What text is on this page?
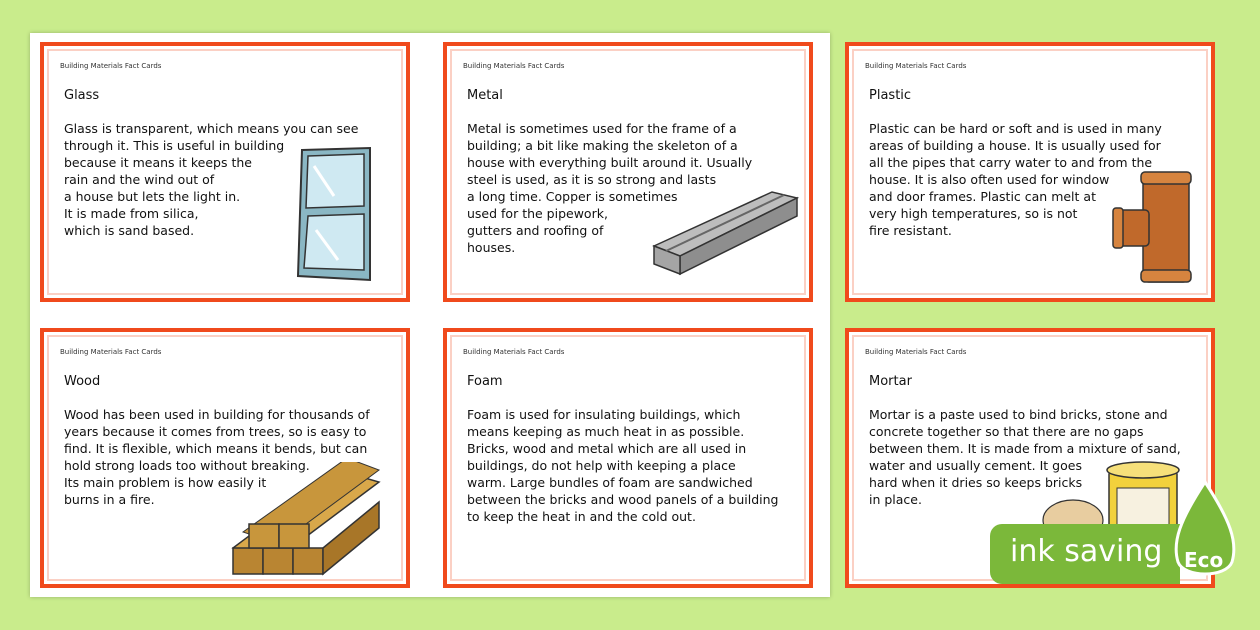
Building Materials Fact Cards
Glass
Glass is transparent, which means you can see
through it. This is useful in building
because it means it keeps the
rain and the wind out of
a house but lets the light in.
It is made from silica,
which is sand based.
Building Materials Fact Cards
Metal
Metal is sometimes used for the frame of a
building; a bit like making the skeleton of a
house with everything built around it. Usually
steel is used, as it is so strong and lasts
a long time. Copper is sometimes
used for the pipework,
gutters and roofing of
houses.
Building Materials Fact Cards
Plastic
Plastic can be hard or soft and is used in many
areas of building a house. It is usually used for
all the pipes that carry water to and from the
house. It is also often used for window
and door frames. Plastic can melt at
very high temperatures, so is not
fire resistant.
Building Materials Fact Cards
Wood
Wood has been used in building for thousands of
years because it comes from trees, so is easy to
find. It is flexible, which means it bends, but can
hold strong loads too without breaking.
Its main problem is how easily it
burns in a fire.
Building Materials Fact Cards
Foam
Foam is used for insulating buildings, which
means keeping as much heat in as possible.
Bricks, wood and metal which are all used in
buildings, do not help with keeping a place
warm. Large bundles of foam are sandwiched
between the bricks and wood panels of a building
to keep the heat in and the cold out.
Building Materials Fact Cards
Mortar
Mortar is a paste used to bind bricks, stone and
concrete together so that there are no gaps
between them. It is made from a mixture of sand,
water and usually cement. It goes
hard when it dries so keeps bricks
in place.
ink saving Eco
